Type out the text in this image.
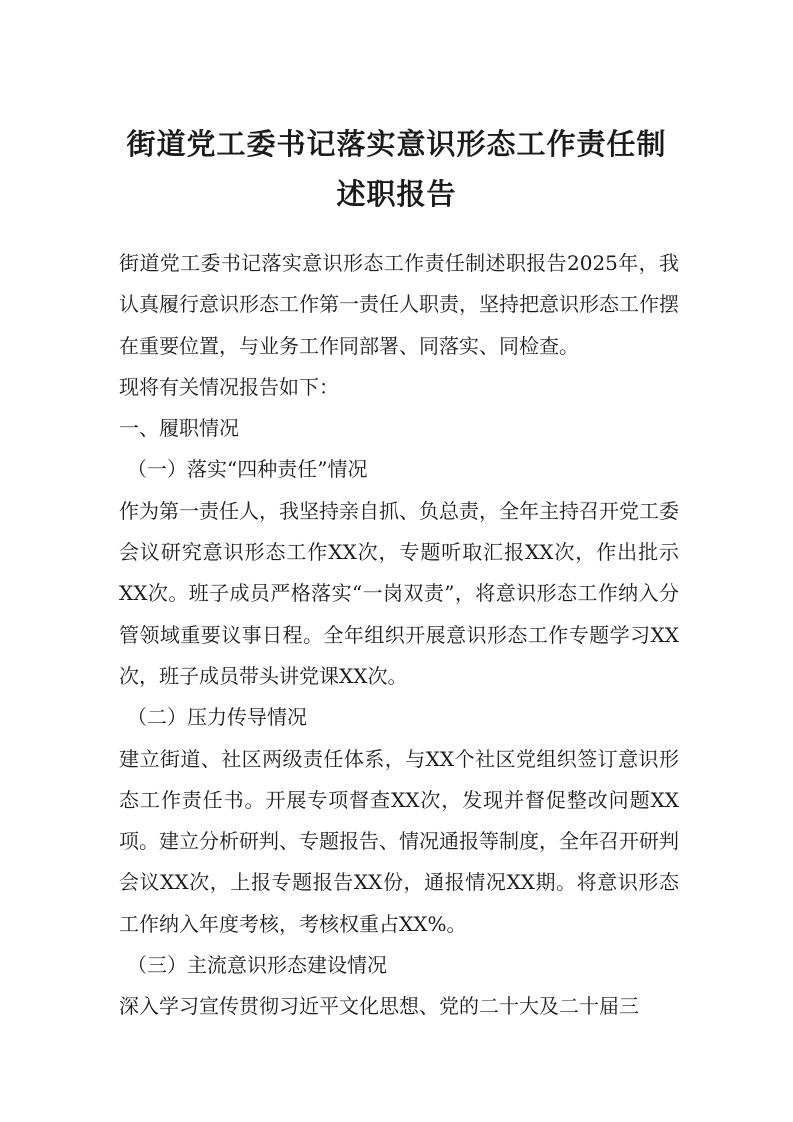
街道党工委书记落实意识形态工作责任制
述职报告

街道党工委书记落实意识形态工作责任制述职报告2025年，我认真履行意识形态工作第一责任人职责，坚持把意识形态工作摆在重要位置，与业务工作同部署、同落实、同检查。

现将有关情况报告如下：

一、履职情况

（一）落实“四种责任”情况

作为第一责任人，我坚持亲自抓、负总责，全年主持召开党工委会议研究意识形态工作XX次，专题听取汇报XX次，作出批示XX次。班子成员严格落实“一岗双责”，将意识形态工作纳入分管领域重要议事日程。全年组织开展意识形态工作专题学习XX次，班子成员带头讲党课XX次。

（二）压力传导情况

建立街道、社区两级责任体系，与XX个社区党组织签订意识形态工作责任书。开展专项督查XX次，发现并督促整改问题XX项。建立分析研判、专题报告、情况通报等制度，全年召开研判会议XX次，上报专题报告XX份，通报情况XX期。将意识形态工作纳入年度考核，考核权重占XX%。

（三）主流意识形态建设情况

深入学习宣传贯彻习近平文化思想、党的二十大及二十届三
